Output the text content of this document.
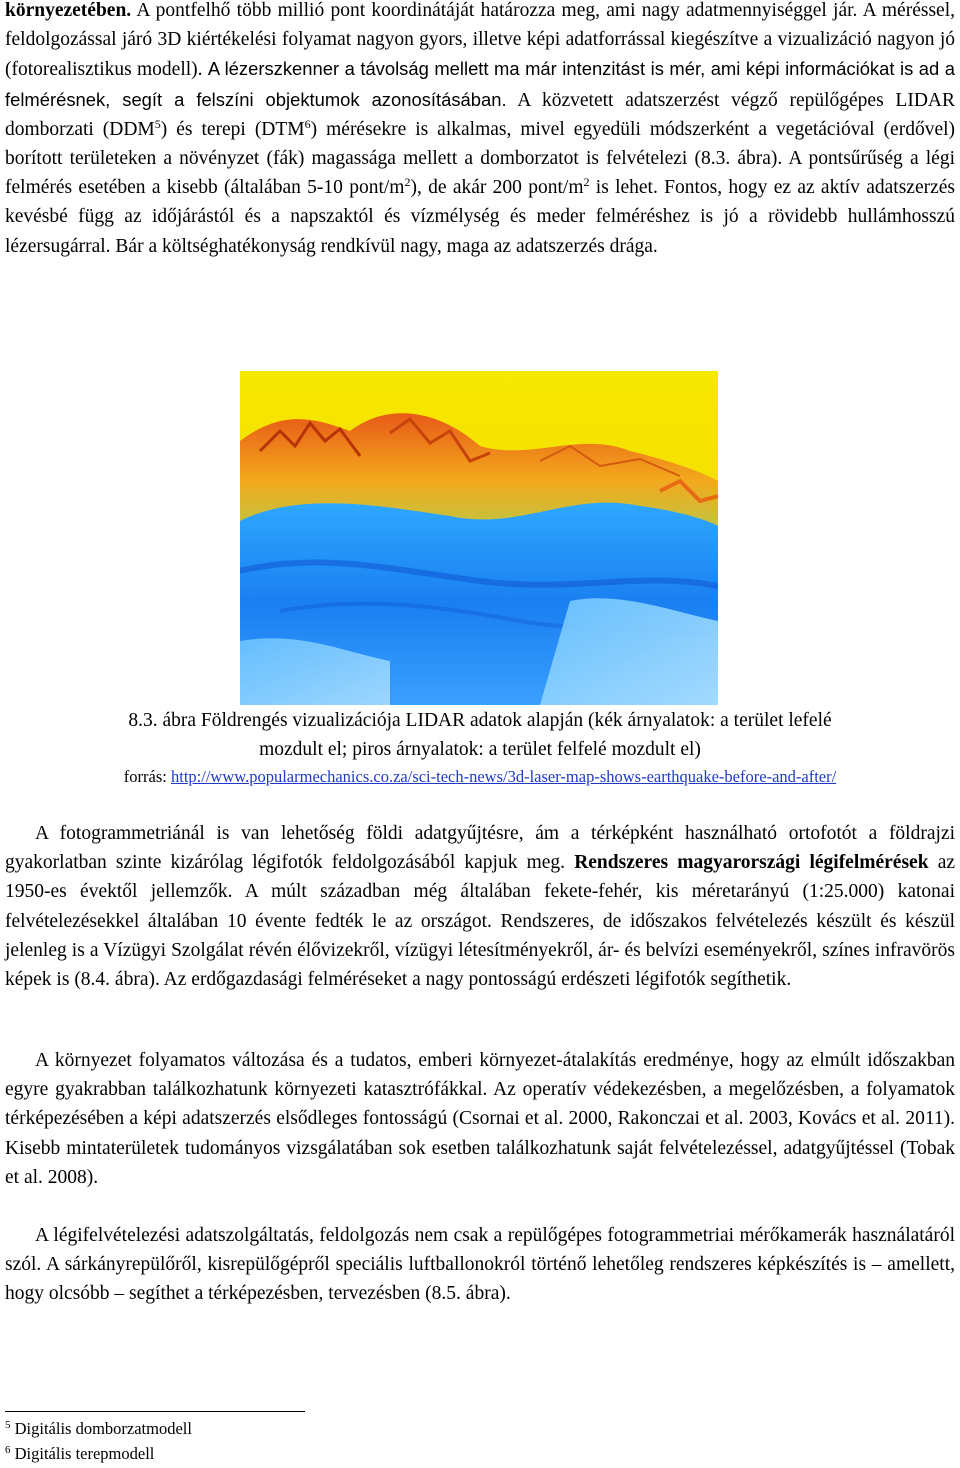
környezetében. A pontfelhő több millió pont koordinátáját határozza meg, ami nagy adatmennyiséggel jár. A méréssel, feldolgozással járó 3D kiértékelési folyamat nagyon gyors, illetve képi adatforrással kiegészítve a vizualizáció nagyon jó (fotorealisztikus modell). A lézerszkenner a távolság mellett ma már intenzitást is mér, ami képi információkat is ad a felmérésnek, segít a felszíni objektumok azonosításában. A közvetett adatszerzést végző repülőgépes LIDAR domborzati (DDM$^5$) és terepi (DTM$^6$) mérésekre is alkalmas, mivel egyedüli módszerként a vegetációval (erdővel) borított területeken a növényzet (fák) magassága mellett a domborzatot is felvételezi (8.3. ábra). A pontsűrűség a légi felmérés esetében a kisebb (általában 5-10 pont/$m^2$), de akár 200 pont/$m^2$ is lehet. Fontos, hogy ez az aktív adatszerzés kevésbé függ az időjárástól és a napszaktól és vízmélység és meder felméréshez is jó a rövidebb hullámhosszú lézersugárral. Bár a költséghatékonyság rendkívül nagy, maga az adatszerzés drága.

8.3. ábra Földrengés vizualizációja LIDAR adatok alapján (kék árnyalatok: a terület lefelé
mozdult el; piros árnyalatok: a terület felfelé mozdult el)
forrás: http://www.popularmechanics.co.za/sci-tech-news/3d-laser-map-shows-earthquake-before-and-after/

A fotogrammetriánál is van lehetőség földi adatgyűjtésre, ám a térképként használható ortofotót a földrajzi gyakorlatban szinte kizárólag légifotók feldolgozásából kapjuk meg. Rendszeres magyarországi légifelmérések az 1950-es évektől jellemzők. A múlt században még általában fekete-fehér, kis méretarányú (1:25.000) katonai felvételezésekkel általában 10 évente fedték le az országot. Rendszeres, de időszakos felvételezés készült és készül jelenleg is a Vízügyi Szolgálat révén élővizekről, vízügyi létesítményekről, ár- és belvízi eseményekről, színes infravörös képek is (8.4. ábra). Az erdőgazdasági felméréseket a nagy pontosságú erdészeti légifotók segíthetik.

A környezet folyamatos változása és a tudatos, emberi környezet-átalakítás eredménye, hogy az elmúlt időszakban egyre gyakrabban találkozhatunk környezeti katasztrófákkal. Az operatív védekezésben, a megelőzésben, a folyamatok térképezésében a képi adatszerzés elsődleges fontosságú (Csornai et al. 2000, Rakonczai et al. 2003, Kovács et al. 2011). Kisebb mintaterületek tudományos vizsgálatában sok esetben találkozhatunk saját felvételezéssel, adatgyűjtéssel (Tobak et al. 2008).

A légifelvételezési adatszolgáltatás, feldolgozás nem csak a repülőgépes fotogrammetriai mérőkamerák használatáról szól. A sárkányrepülőről, kisrepülőgépről speciális luftballonokról történő lehetőleg rendszeres képkészítés is – amellett, hogy olcsóbb – segíthet a térképezésben, tervezésben (8.5. ábra).

$^5$ Digitális domborzatmodell
$^6$ Digitális terepmodell
